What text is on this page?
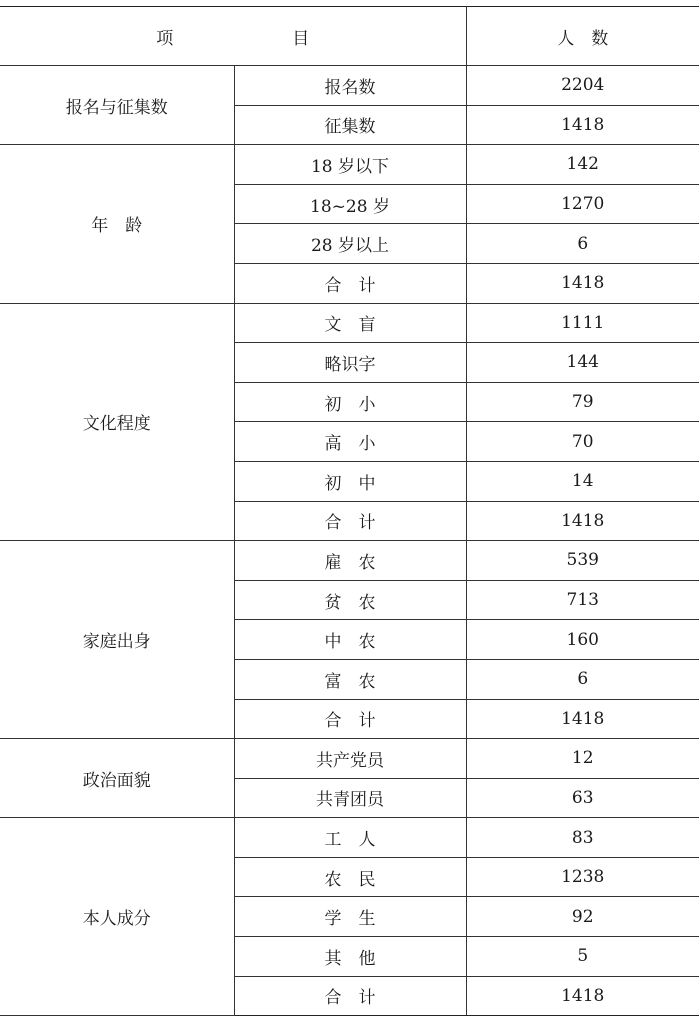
项　　　　　　　目		人　数
报名与征集数	报名数	2204
	征集数	1418
年　龄	18 岁以下	142
	18~28 岁	1270
	28 岁以上	6
	合　计	1418
文化程度	文　盲	1111
	略识字	144
	初　小	79
	高　小	70
	初　中	14
	合　计	1418
家庭出身	雇　农	539
	贫　农	713
	中　农	160
	富　农	6
	合　计	1418
政治面貌	共产党员	12
	共青团员	63
本人成分	工　人	83
	农　民	1238
	学　生	92
	其　他	5
	合　计	1418
